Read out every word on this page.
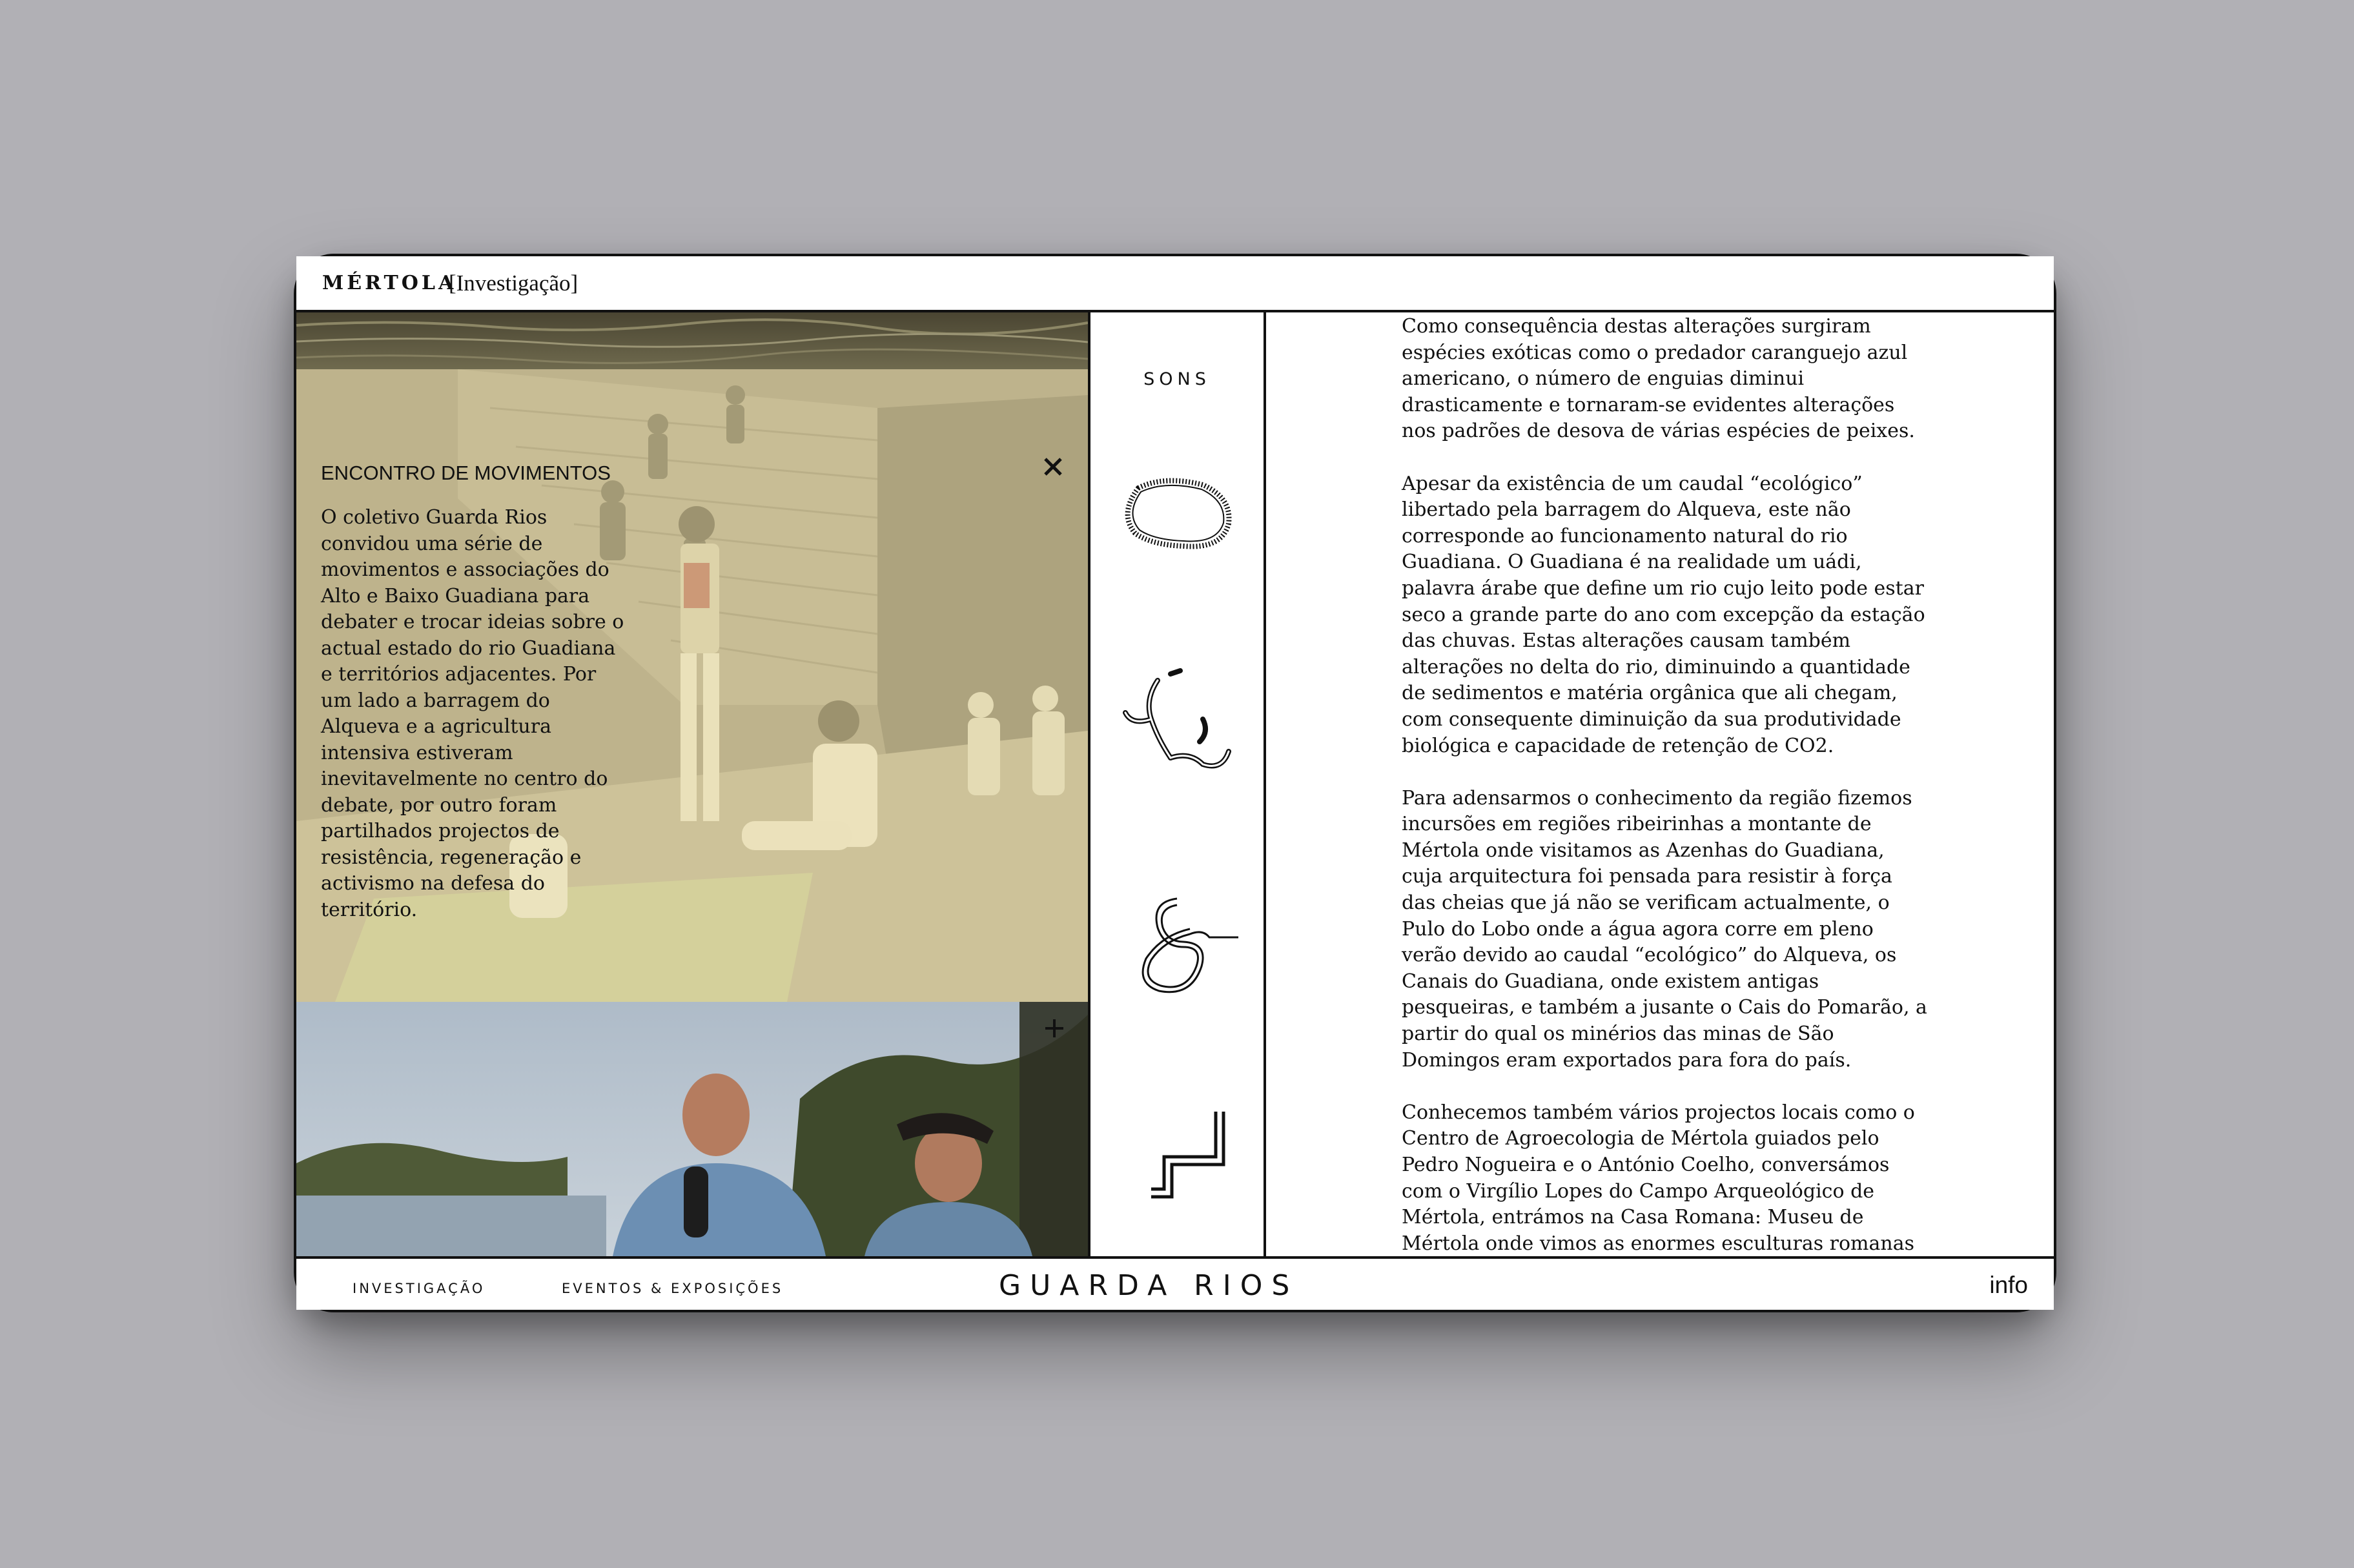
MÉRTOLA
[Investigação]
ENCONTRO DE MOVIMENTOS
O coletivo Guarda Rios convidou uma série de movimentos e associações do Alto e Baixo Guadiana para debater e trocar ideias sobre o actual estado do rio Guadiana e territórios adjacentes. Por um lado a barragem do Alqueva e a agricultura intensiva estiveram inevitavelmente no centro do debate, por outro foram partilhados projectos de resistência, regeneração e activismo na defesa do território.
SONS

Como consequência destas alterações surgiram espécies exóticas como o predador caranguejo azul americano, o número de enguias diminui drasticamente e tornaram-se evidentes alterações nos padrões de desova de várias espécies de peixes.

Apesar da existência de um caudal “ecológico” libertado pela barragem do Alqueva, este não corresponde ao funcionamento natural do rio Guadiana. O Guadiana é na realidade um uádi, palavra árabe que define um rio cujo leito pode estar seco a grande parte do ano com excepção da estação das chuvas. Estas alterações causam também alterações no delta do rio, diminuindo a quantidade de sedimentos e matéria orgânica que ali chegam, com consequente diminuição da sua produtividade biológica e capacidade de retenção de CO2.

Para adensarmos o conhecimento da região fizemos incursões em regiões ribeirinhas a montante de Mértola onde visitamos as Azenhas do Guadiana, cuja arquitectura foi pensada para resistir à força das cheias que já não se verificam actualmente, o Pulo do Lobo onde a água agora corre em pleno verão devido ao caudal “ecológico” do Alqueva, os Canais do Guadiana, onde existem antigas pesqueiras, e também a jusante o Cais do Pomarão, a partir do qual os minérios das minas de São Domingos eram exportados para fora do país.

Conhecemos também vários projectos locais como o Centro de Agroecologia de Mértola guiados pelo Pedro Nogueira e o António Coelho, conversámos com o Virgílio Lopes do Campo Arqueológico de Mértola, entrámos na Casa Romana: Museu de Mértola onde vimos as enormes esculturas romanas

INVESTIGAÇÃO	EVENTOS & EXPOSIÇÕES	GUARDA RIOS	info
